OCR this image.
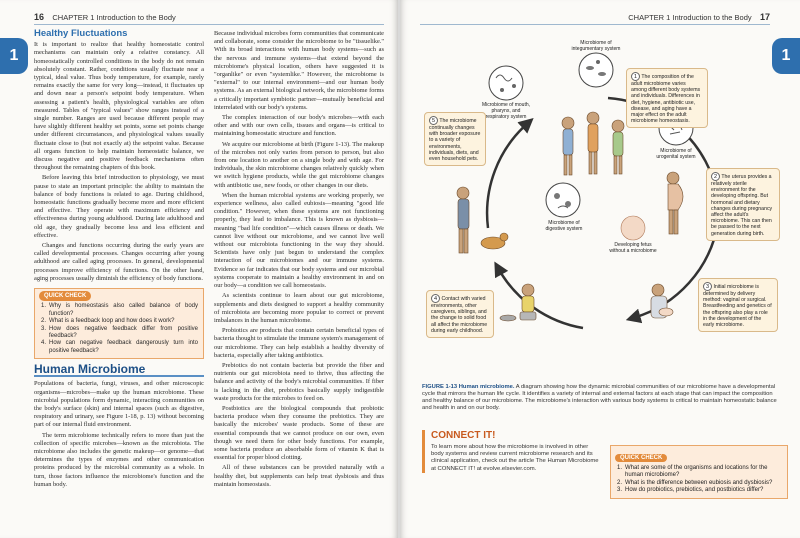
16 CHAPTER 1 Introduction to the Body
1
Healthy Fluctuations

It is important to realize that healthy homeostatic control mechanisms can maintain only a relative constancy. All homeostatically controlled conditions in the body do not remain absolutely constant. Rather, conditions usually fluctuate near a typical, ideal value. Thus body temperature, for example, rarely remains exactly the same for very long—instead, it fluctuates up and down near a person's setpoint body temperature. When assessing a patient's health, physiological variables are often measured. Tables of "typical values" show ranges instead of a single number. Ranges are used because different people may have slightly different healthy set points, some set points change under different circumstances, and physiological values usually fluctuate close to (but not exactly at) the setpoint value. Because all organs function to help maintain homeostatic balance, we discuss negative and positive feedback mechanisms often throughout the remaining chapters of this book.

Before leaving this brief introduction to physiology, we must pause to state an important principle: the ability to maintain the balance of body functions is related to age. During childhood, homeostatic functions gradually become more and more efficient and effective. They operate with maximum efficiency and effectiveness during young adulthood. During late adulthood and old age, they gradually become less and less efficient and effective.

Changes and functions occurring during the early years are called developmental processes. Changes occurring after young adulthood are called aging processes. In general, developmental processes improve efficiency of functions. On the other hand, aging processes usually diminish the efficiency of body functions.

QUICK CHECK
1. Why is homeostasis also called balance of body function?
2. What is a feedback loop and how does it work?
3. How does negative feedback differ from positive feedback?
4. How can negative feedback dangerously turn into positive feedback?
Human Microbiome

Populations of bacteria, fungi, viruses, and other microscopic organisms—microbes—make up the human microbiome. These microbial populations form dynamic, interacting communities on the body's surface (skin) and internal spaces (such as digestive, respiratory and urinary, see Figure 1-18, p. 13) without becoming part of our internal fluid environment.

The term microbiome technically refers to more than just the collection of specific microbes—known as the microbiota. The microbiome also includes the genetic makeup—or genome—that determines the types of enzymes and other communication proteins produced by the microbial community as a whole. In turn, those factors influence the microbiome's function and the human body.

Because individual microbes form communities that communicate and collaborate, some consider the microbiome to be "tissuelike." With its broad interactions with human body systems—such as the nervous and immune systems—that extend beyond the microbiome's physical location, others have suggested it is "organlike" or even "systemlike." However, the microbiome is "external" to our internal environment—and our human body systems. As an external biological network, the microbiome forms a critically important symbiotic partner—mutually beneficial and interrelated with our body's systems.

The complex interaction of our body's microbes—with each other and with our own cells, tissues and organs—is critical to maintaining homeostatic structure and function.

We acquire our microbiome at birth (Figure 1-13). The makeup of the microbes not only varies from person to person, but also from one location to another on a single body and with age. For individuals, the skin microbiome changes relatively quickly when we switch hygiene products, while the gut microbiome changes with antibiotic use, new foods, or other changes in our diets.

When the human microbial systems are working properly, we experience wellness, also called eubiosis—meaning "good life condition." However, when these systems are not functioning properly, they lead to imbalance. This is known as dysbiosis—meaning "bad life condition"—which causes illness or death. We cannot live without our microbiome, and we cannot live well without our microbiota functioning in the way they should. Scientists have only just begun to understand the complex interaction of our microbiomes and our immune systems. Evidence so far indicates that our body systems and our microbial systems cooperate to maintain a healthy environment in and on our body—a condition we call homeostasis.

As scientists continue to learn about our gut microbiome, supplements and diets designed to support a healthy community of microbiota are becoming more popular to correct or prevent imbalances in the human microbiome.

Probiotics are products that contain certain beneficial types of bacteria thought to stimulate the immune system's management of our microbiome. They can help establish a healthy diversity of bacteria, especially after taking antibiotics.

Prebiotics do not contain bacteria but provide the fiber and nutrients our gut microbiota need to thrive, thus affecting the balance and activity of the body's microbial communities. If fiber is lacking in the diet, prebiotics basically supply indigestible waste products for the microbes to feed on.

Postbiotics are the biological compounds that probiotic bacteria produce when they consume the prebiotics. They are basically the microbes' waste products. Some of these are essential compounds that we cannot produce on our own, even though we need them for other body functions. For example, some bacteria produce an absorbable form of vitamin K that is essential for proper blood clotting.

All of these substances can be provided naturally with a healthy diet, but supplements can help treat dysbiosis and thus maintain homeostasis.

CHAPTER 1 Introduction to the Body 17
1
Microbiome of mouth, pharynx, and respiratory system
Microbiome of integumentary system
Microbiome of urogenital system
Microbiome of digestive system
Developing fetus without a microbiome
1 The composition of the adult microbiome varies among different body systems and individuals. Differences in diet, hygiene, antibiotic use, disease, and aging have a major effect on the adult microbiome homeostasis.
2 The uterus provides a relatively sterile environment for the developing offspring. But hormonal and dietary changes during pregnancy affect the adult's microbiome. This can then be passed to the next generation during birth.
3 Initial microbiome is determined by delivery method: vaginal or surgical. Breastfeeding and genetics of the offspring also play a role in the development of the early microbiome.
4 Contact with varied environments, other caregivers, siblings, and the change to solid food all affect the microbiome during early childhood.
5 The microbiome continually changes with broader exposure to a variety of environments, individuals, diets, and even household pets.
FIGURE 1-13 Human microbiome. A diagram showing how the dynamic microbial communities of our microbiome have a developmental cycle that mirrors the human life cycle. It identifies a variety of internal and external factors at each stage that can impact the composition and healthy balance of our microbiome. The microbiome's interaction with various body systems is critical to maintain homeostatic balance and health in and on our body.
CONNECT IT!

To learn more about how the microbiome is involved in other body systems and review current microbiome research and its clinical application, check out the article The Human Microbiome at CONNECT IT! at evolve.elsevier.com.

QUICK CHECK
1. What are some of the organisms and locations for the human microbiome?
2. What is the difference between eubiosis and dysbiosis?
3. How do probiotics, prebiotics, and postbiotics differ?
